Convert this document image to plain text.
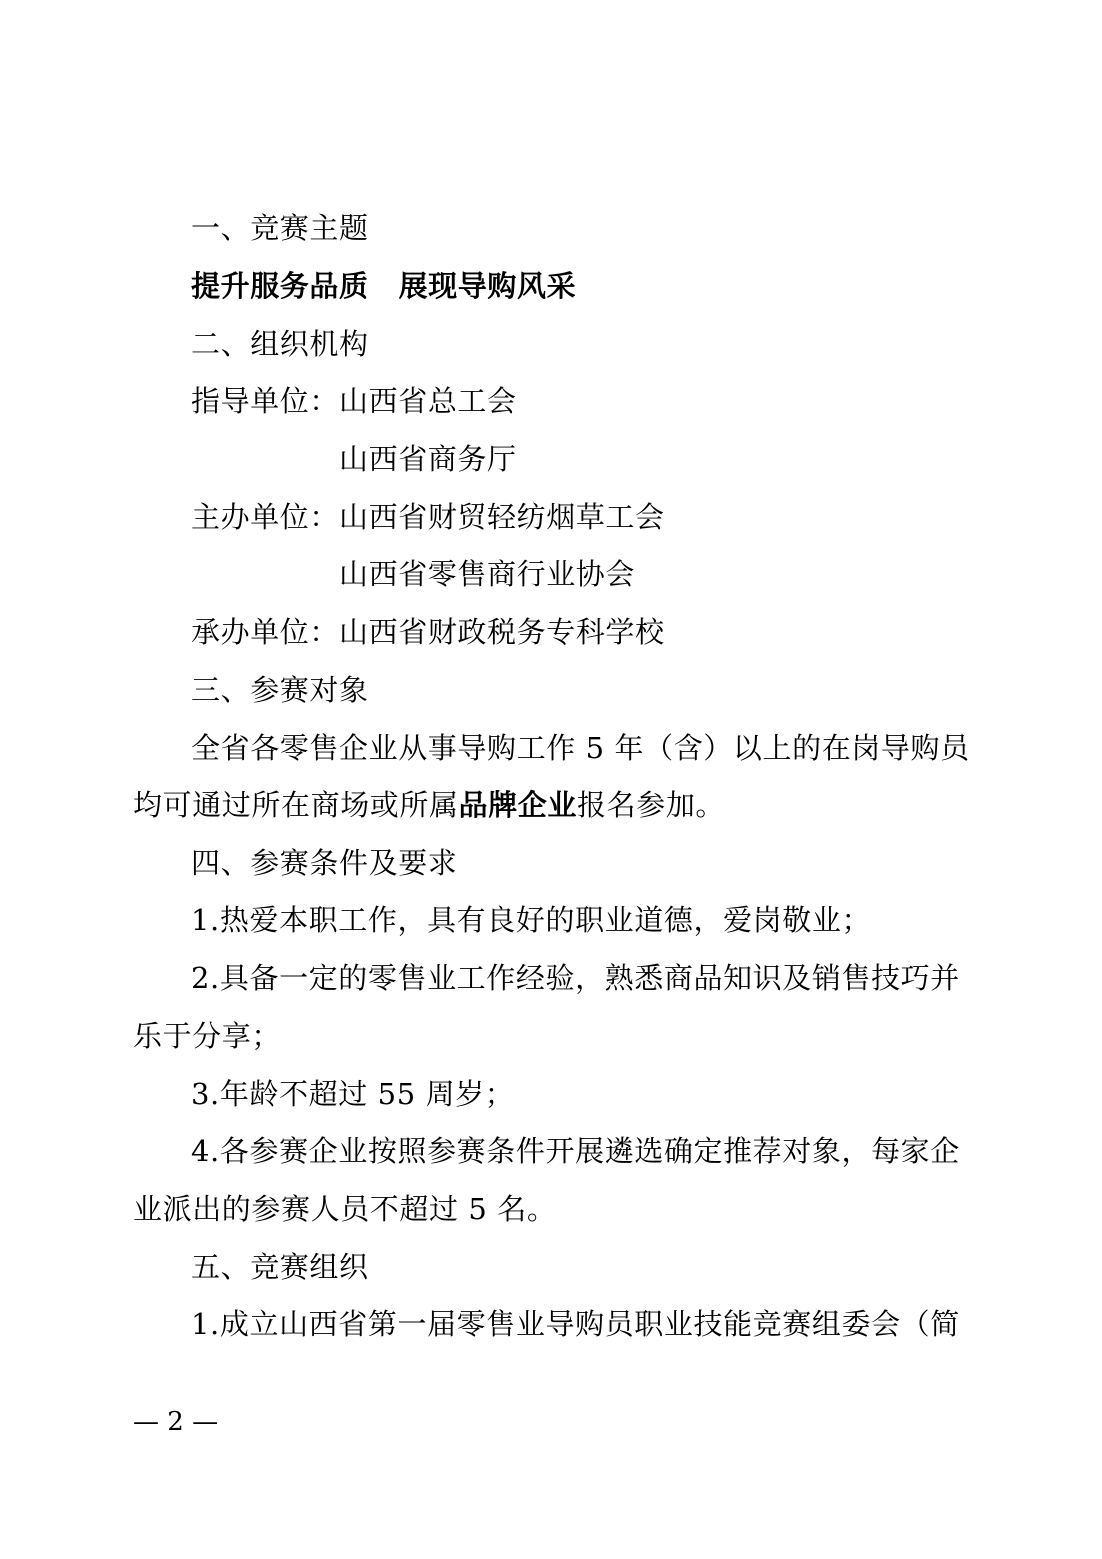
一、竞赛主题
提升服务品质 展现导购风采
二、组织机构
指导单位：山西省总工会
山西省商务厅
主办单位：山西省财贸轻纺烟草工会
山西省零售商行业协会
承办单位：山西省财政税务专科学校
三、参赛对象
全省各零售企业从事导购工作 5 年（含）以上的在岗导购员
均可通过所在商场或所属品牌企业报名参加。
四、参赛条件及要求
1.热爱本职工作，具有良好的职业道德，爱岗敬业；
2.具备一定的零售业工作经验，熟悉商品知识及销售技巧并
乐于分享；
3.年龄不超过 55 周岁；
4.各参赛企业按照参赛条件开展遴选确定推荐对象，每家企
业派出的参赛人员不超过 5 名。
五、竞赛组织
1.成立山西省第一届零售业导购员职业技能竞赛组委会（简
— 2 —
